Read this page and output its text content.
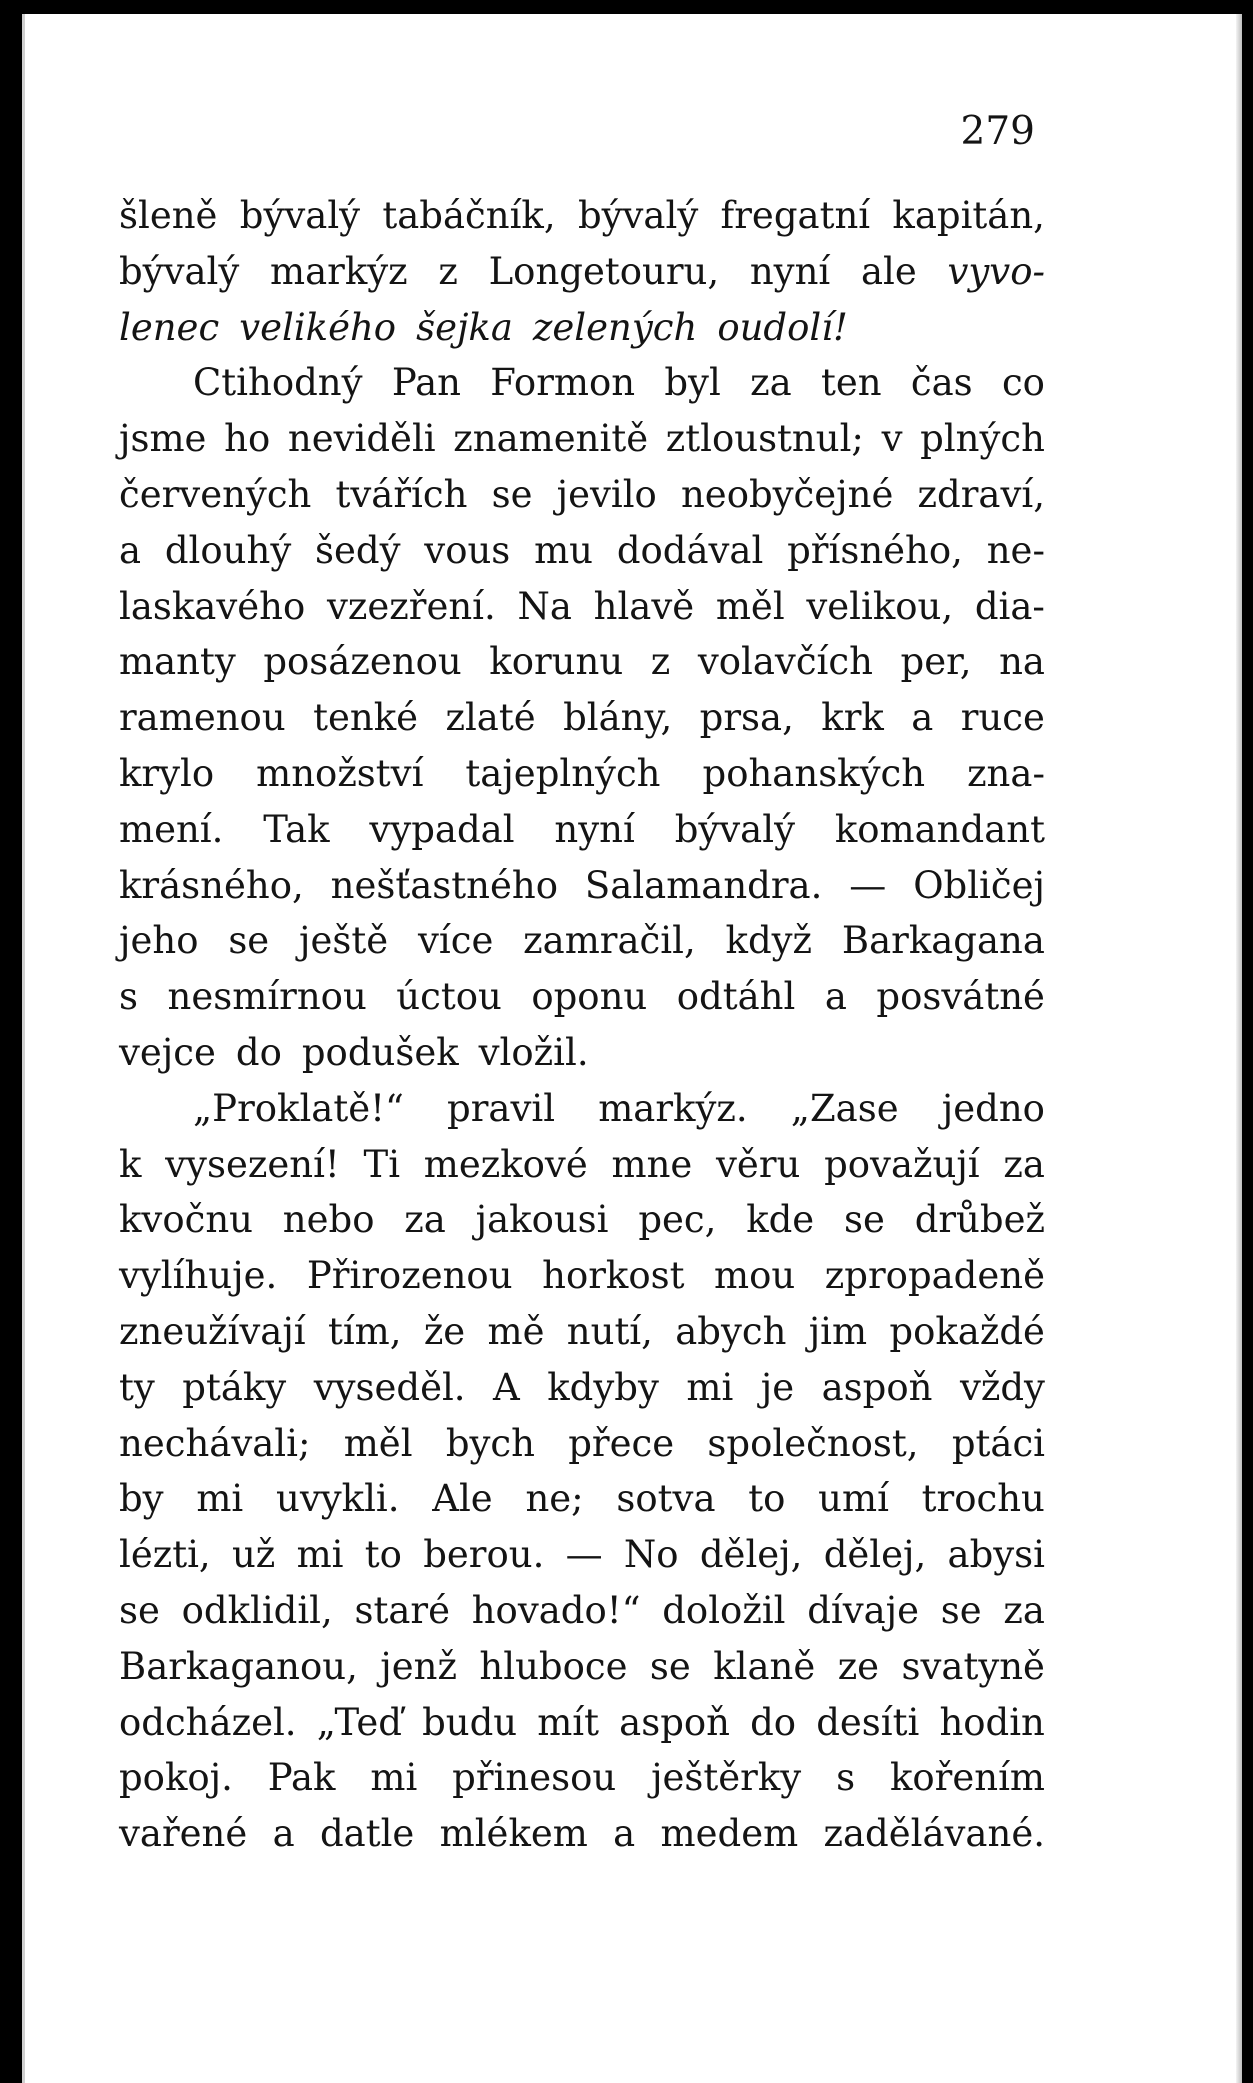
279
šleně bývalý tabáčník, bývalý fregatní kapitán,
bývalý markýz z Longetouru, nyní ale vyvo-
lenec velikého šejka zelených oudolí!
Ctihodný Pan Formon byl za ten čas co
jsme ho neviděli znamenitě ztloustnul; v plných
červených tvářích se jevilo neobyčejné zdraví,
a dlouhý šedý vous mu dodával přísného, ne-
laskavého vzezření. Na hlavě měl velikou, dia-
manty posázenou korunu z volavčích per, na
ramenou tenké zlaté blány, prsa, krk a ruce
krylo množství tajeplných pohanských zna-
mení. Tak vypadal nyní bývalý komandant
krásného, nešťastného Salamandra. — Obličej
jeho se ještě více zamračil, když Barkagana
s nesmírnou úctou oponu odtáhl a posvátné
vejce do podušek vložil.
„Proklatě!“ pravil markýz. „Zase jedno
k vysezení! Ti mezkové mne věru považují za
kvočnu nebo za jakousi pec, kde se drůbež
vylíhuje. Přirozenou horkost mou zpropadeně
zneužívají tím, že mě nutí, abych jim pokaždé
ty ptáky vyseděl. A kdyby mi je aspoň vždy
nechávali; měl bych přece společnost, ptáci
by mi uvykli. Ale ne; sotva to umí trochu
lézti, už mi to berou. — No dělej, dělej, abysi
se odklidil, staré hovado!“ doložil dívaje se za
Barkaganou, jenž hluboce se klaně ze svatyně
odcházel. „Teď budu mít aspoň do desíti hodin
pokoj. Pak mi přinesou ještěrky s kořením
vařené a datle mlékem a medem zadělávané.
